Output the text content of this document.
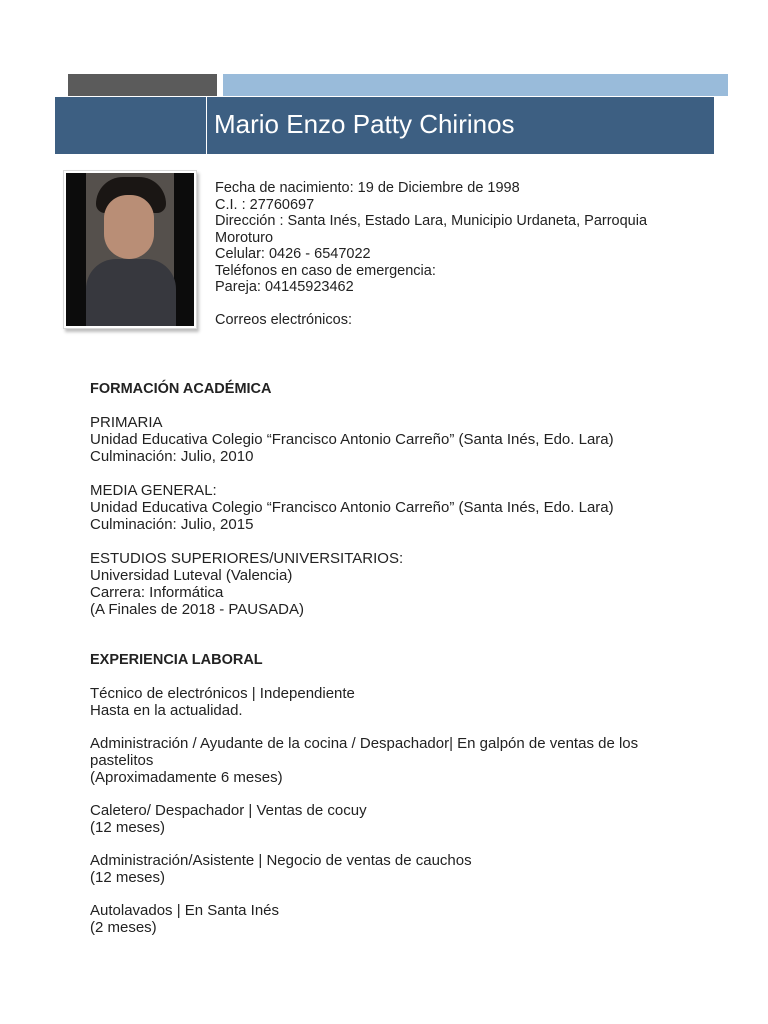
Mario Enzo Patty Chirinos
Fecha de nacimiento: 19 de Diciembre de 1998
C.I. : 27760697
Dirección : Santa Inés, Estado Lara, Municipio Urdaneta, Parroquia
Moroturo
Celular: 0426 - 6547022
Teléfonos en caso de emergencia:
Pareja: 04145923462
Correos electrónicos:

FORMACIÓN ACADÉMICA

PRIMARIA

Unidad Educativa Colegio “Francisco Antonio Carreño” (Santa Inés, Edo. Lara)

Culminación: Julio, 2010

MEDIA GENERAL:

Unidad Educativa Colegio “Francisco Antonio Carreño” (Santa Inés, Edo. Lara)

Culminación: Julio, 2015

ESTUDIOS SUPERIORES/UNIVERSITARIOS:

Universidad Luteval (Valencia)

Carrera: Informática

(A Finales de 2018 - PAUSADA)

EXPERIENCIA LABORAL

Técnico de electrónicos | Independiente

Hasta en la actualidad.

Administración / Ayudante de la cocina / Despachador| En galpón de ventas de los

pastelitos

(Aproximadamente 6 meses)

Caletero/ Despachador | Ventas de cocuy

(12 meses)

Administración/Asistente | Negocio de ventas de cauchos

(12 meses)

Autolavados | En Santa Inés

(2 meses)
